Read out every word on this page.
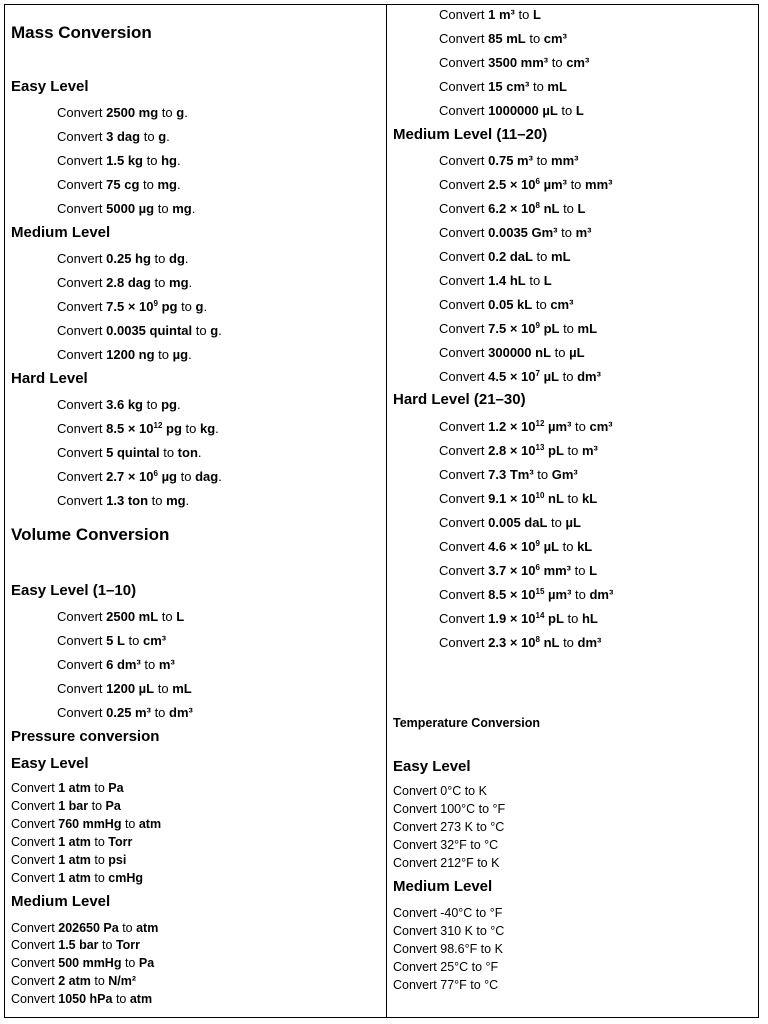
Mass Conversion
Easy Level
Convert 2500 mg to g.
Convert 3 dag to g.
Convert 1.5 kg to hg.
Convert 75 cg to mg.
Convert 5000 µg to mg.
Medium Level
Convert 0.25 hg to dg.
Convert 2.8 dag to mg.
Convert $7.5 \times 10^9$ pg to g.
Convert 0.0035 quintal to g.
Convert 1200 ng to µg.
Hard Level
Convert 3.6 kg to pg.
Convert $8.5 \times 10^{12}$ pg to kg.
Convert 5 quintal to ton.
Convert $2.7 \times 10^6$ µg to dag.
Convert 1.3 ton to mg.
Volume Conversion
Easy Level (1–10)
Convert 2500 mL to L
Convert 5 L to cm³
Convert 6 dm³ to m³
Convert 1200 µL to mL
Convert 0.25 m³ to dm³
Pressure conversion
Easy Level
Convert 1 atm to Pa
Convert 1 bar to Pa
Convert 760 mmHg to atm
Convert 1 atm to Torr
Convert 1 atm to psi
Convert 1 atm to cmHg
Medium Level
Convert 202650 Pa to atm
Convert 1.5 bar to Torr
Convert 500 mmHg to Pa
Convert 2 atm to N/m²
Convert 1050 hPa to atm
Convert 1 m³ to L
Convert 85 mL to cm³
Convert 3500 mm³ to cm³
Convert 15 cm³ to mL
Convert 1000000 µL to L
Medium Level (11–20)
Convert 0.75 m³ to mm³
Convert $2.5 \times 10^6$ µm³ to mm³
Convert $6.2 \times 10^8$ nL to L
Convert 0.0035 Gm³ to m³
Convert 0.2 daL to mL
Convert 1.4 hL to L
Convert 0.05 kL to cm³
Convert $7.5 \times 10^9$ pL to mL
Convert 300000 nL to µL
Convert $4.5 \times 10^7$ µL to dm³
Hard Level (21–30)
Convert $1.2 \times 10^{12}$ µm³ to cm³
Convert $2.8 \times 10^{13}$ pL to m³
Convert 7.3 Tm³ to Gm³
Convert $9.1 \times 10^{10}$ nL to kL
Convert 0.005 daL to µL
Convert $4.6 \times 10^9$ µL to kL
Convert $3.7 \times 10^6$ mm³ to L
Convert $8.5 \times 10^{15}$ µm³ to dm³
Convert $1.9 \times 10^{14}$ pL to hL
Convert $2.3 \times 10^8$ nL to dm³
Temperature Conversion
Easy Level
Convert 0°C to K
Convert 100°C to °F
Convert 273 K to °C
Convert 32°F to °C
Convert 212°F to K
Medium Level
Convert -40°C to °F
Convert 310 K to °C
Convert 98.6°F to K
Convert 25°C to °F
Convert 77°F to °C
